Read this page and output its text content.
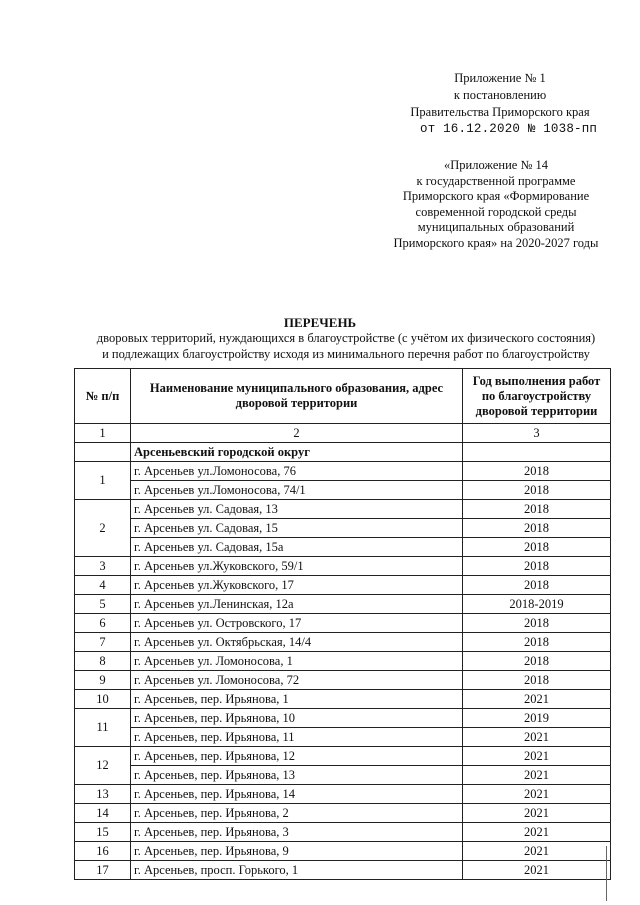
Приложение № 1
к постановлению
Правительства Приморского края
от 16.12.2020 № 1038-пп
«Приложение № 14
к государственной программе
Приморского края «Формирование
современной городской среды
муниципальных образований
Приморского края» на 2020-2027 годы
ПЕРЕЧЕНЬ
дворовых территорий, нуждающихся в благоустройстве (с учётом их физического состояния)
и подлежащих благоустройству исходя из минимального перечня работ по благоустройству
№ п/п	Наименование муниципального образования, адрес дворовой территории	Год выполнения работ по благоустройству дворовой территории
1	2	3
	Арсеньевский городской округ	
1	г. Арсеньев ул.Ломоносова, 76	2018
	г. Арсеньев ул.Ломоносова, 74/1	2018
2	г. Арсеньев ул. Садовая, 13	2018
	г. Арсеньев ул. Садовая, 15	2018
	г. Арсеньев ул. Садовая, 15а	2018
3	г. Арсеньев ул.Жуковского, 59/1	2018
4	г. Арсеньев ул.Жуковского, 17	2018
5	г. Арсеньев ул.Ленинская, 12а	2018-2019
6	г. Арсеньев ул. Островского, 17	2018
7	г. Арсеньев ул. Октябрьская, 14/4	2018
8	г. Арсеньев ул. Ломоносова, 1	2018
9	г. Арсеньев ул. Ломоносова, 72	2018
10	г. Арсеньев, пер. Ирьянова, 1	2021
11	г. Арсеньев, пер. Ирьянова, 10	2019
	г. Арсеньев, пер. Ирьянова, 11	2021
12	г. Арсеньев, пер. Ирьянова, 12	2021
	г. Арсеньев, пер. Ирьянова, 13	2021
13	г. Арсеньев, пер. Ирьянова, 14	2021
14	г. Арсеньев, пер. Ирьянова, 2	2021
15	г. Арсеньев, пер. Ирьянова, 3	2021
16	г. Арсеньев, пер. Ирьянова, 9	2021
17	г. Арсеньев, просп. Горького, 1	2021
